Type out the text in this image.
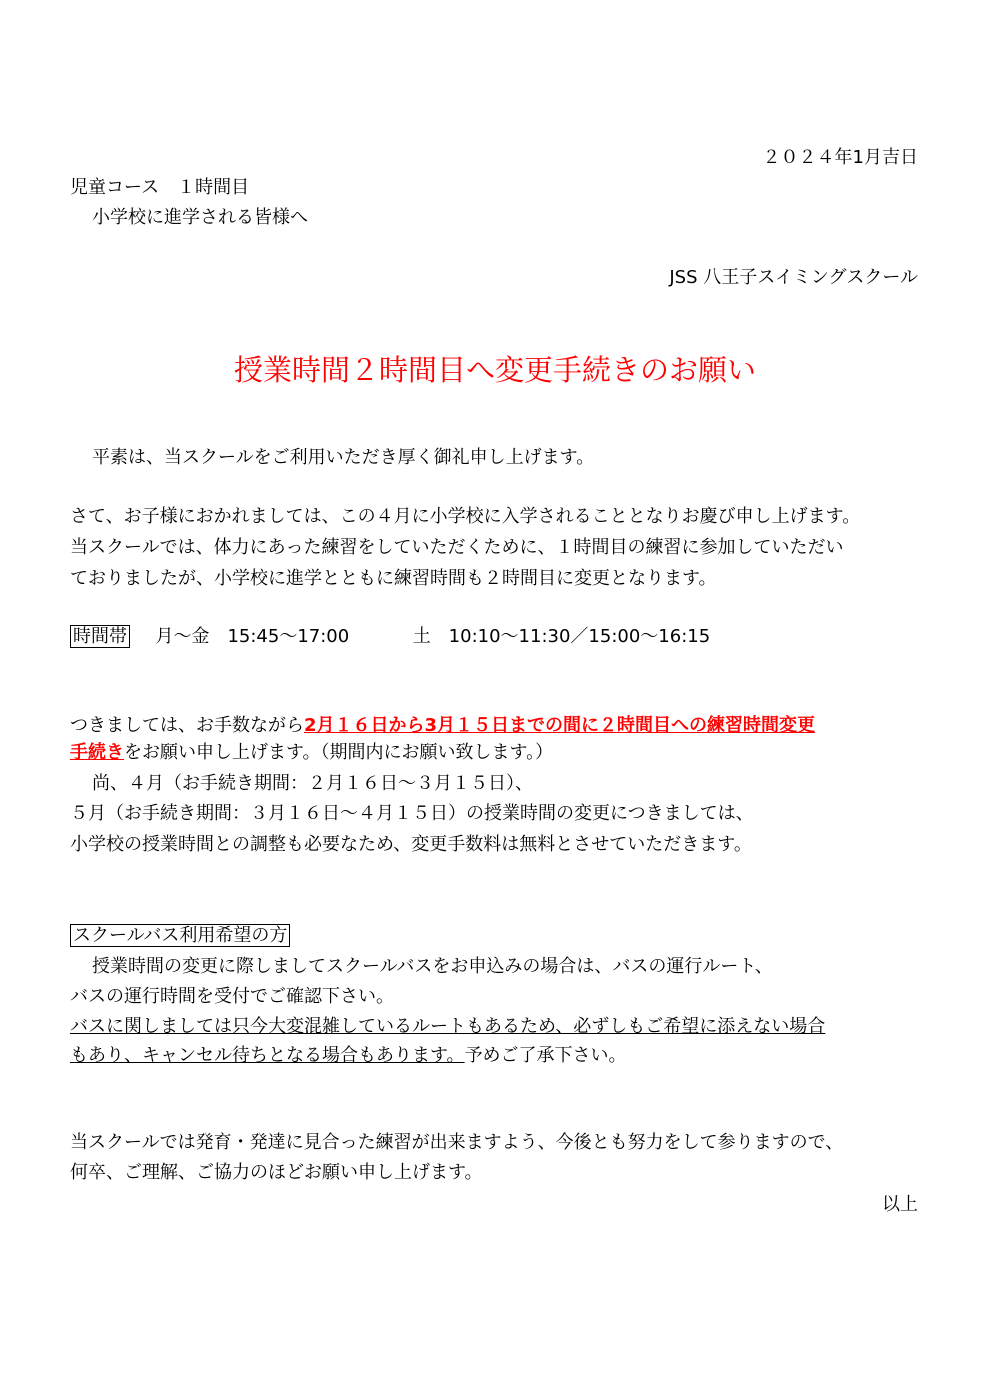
２０２４年1月吉日
児童コース　１時間目
小学校に進学される皆様へ
JSS 八王子スイミングスクール
授業時間２時間目へ変更手続きのお願い
平素は、当スクールをご利用いただき厚く御礼申し上げます。
さて、お子様におかれましては、この４月に小学校に入学されることとなりお慶び申し上げます。
当スクールでは、体力にあった練習をしていただくために、１時間目の練習に参加していただい
ておりましたが、小学校に進学とともに練習時間も２時間目に変更となります。
時間帯 月～金　15:45～17:00	土　10:10～11:30／15:00～16:15
つきましては、お手数ながら2月１６日から3月１５日までの間に２時間目への練習時間変更
手続きをお願い申し上げます。（期間内にお願い致します。）
尚、４月（お手続き期間：２月１６日～３月１５日）、
５月（お手続き期間：３月１６日～４月１５日）の授業時間の変更につきましては、
小学校の授業時間との調整も必要なため、変更手数料は無料とさせていただきます。
スクールバス利用希望の方
授業時間の変更に際しましてスクールバスをお申込みの場合は、バスの運行ルート、
バスの運行時間を受付でご確認下さい。
バスに関しましては只今大変混雑しているルートもあるため、必ずしもご希望に添えない場合
もあり、キャンセル待ちとなる場合もあります。予めご了承下さい。
当スクールでは発育・発達に見合った練習が出来ますよう、今後とも努力をして参りますので、
何卒、ご理解、ご協力のほどお願い申し上げます。
以上
